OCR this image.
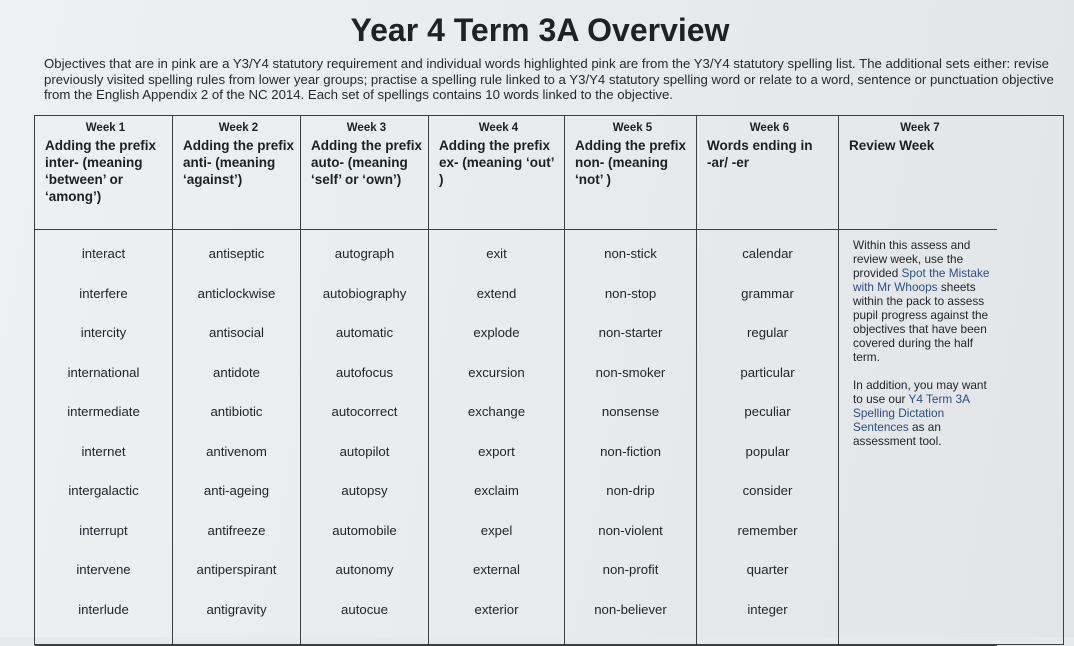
Year 4 Term 3A Overview
Objectives that are in pink are a Y3/Y4 statutory requirement and individual words highlighted pink are from the Y3/Y4 statutory spelling list. The additional sets either: revise previously visited spelling rules from lower year groups; practise a spelling rule linked to a Y3/Y4 statutory spelling word or relate to a word, sentence or punctuation objective from the English Appendix 2 of the NC 2014. Each set of spellings contains 10 words linked to the objective.
Week 1
Adding the prefix
inter- (meaning
‘between’ or
‘among’)
Week 2
Adding the prefix
anti- (meaning
‘against’)
Week 3
Adding the prefix
auto- (meaning
‘self’ or ‘own’)
Week 4
Adding the prefix
ex- (meaning ‘out’ )
Week 5
Adding the prefix
non- (meaning
‘not’ )
Week 6
Words ending in
-ar/ -er
Week 7
Review Week
interact
interfere
intercity
international
intermediate
internet
intergalactic
interrupt
intervene
interlude
antiseptic
anticlockwise
antisocial
antidote
antibiotic
antivenom
anti-ageing
antifreeze
antiperspirant
antigravity
autograph
autobiography
automatic
autofocus
autocorrect
autopilot
autopsy
automobile
autonomy
autocue
exit
extend
explode
excursion
exchange
export
exclaim
expel
external
exterior
non-stick
non-stop
non-starter
non-smoker
nonsense
non-fiction
non-drip
non-violent
non-profit
non-believer
calendar
grammar
regular
particular
peculiar
popular
consider
remember
quarter
integer

Within this assess and review week, use the provided Spot the Mistake with Mr Whoops sheets within the pack to assess pupil progress against the objectives that have been covered during the half term.

In addition, you may want to use our Y4 Term 3A Spelling Dictation Sentences as an assessment tool.
